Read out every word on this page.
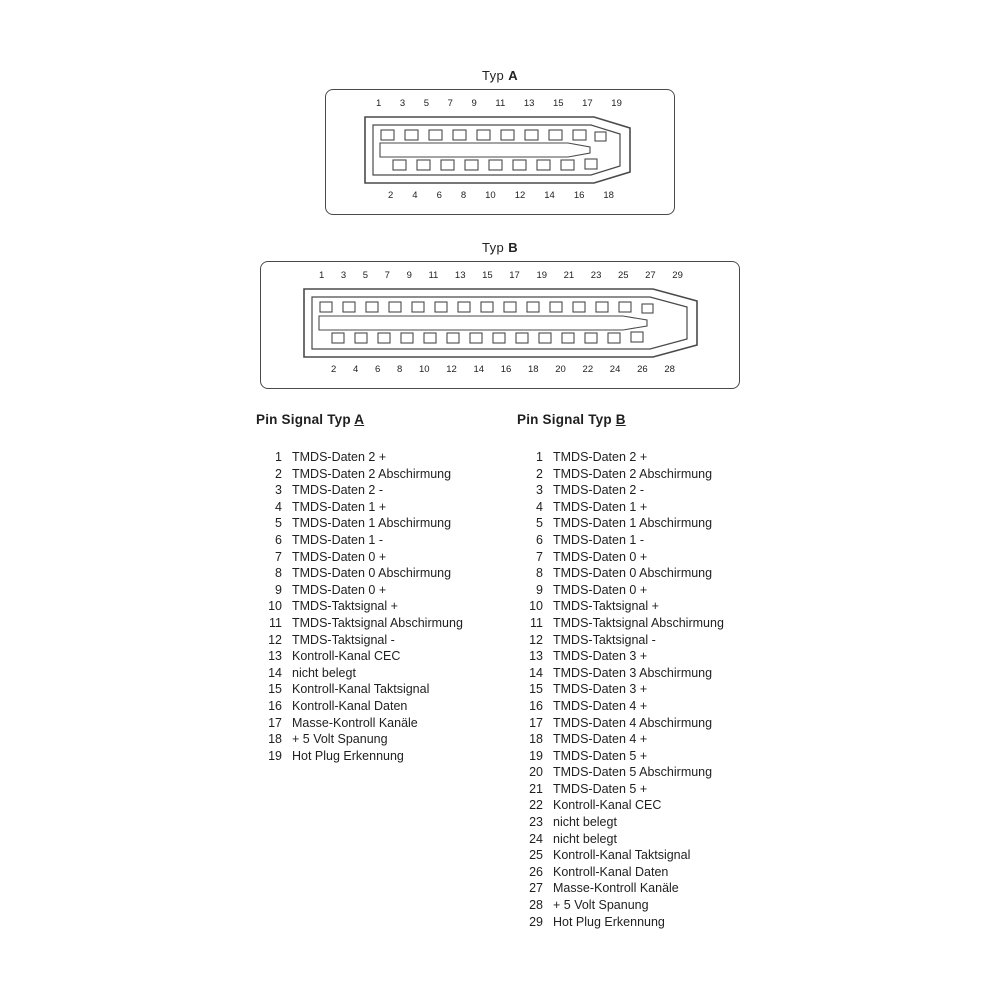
Typ A
1 3 5 7 9 11 13 15 17 19
2 4 6 8 10 12 14 16 18
Typ B
1 3 5 7 9 11 13 15 17 19 21 23 25 27 29
2 4 6 8 10 12 14 16 18 20 22 24 26 28
Pin Signal Typ A
1 TMDS-Daten 2 +
2 TMDS-Daten 2 Abschirmung
3 TMDS-Daten 2 -
4 TMDS-Daten 1 +
5 TMDS-Daten 1 Abschirmung
6 TMDS-Daten 1 -
7 TMDS-Daten 0 +
8 TMDS-Daten 0 Abschirmung
9 TMDS-Daten 0 +
10 TMDS-Taktsignal +
11 TMDS-Taktsignal Abschirmung
12 TMDS-Taktsignal -
13 Kontroll-Kanal CEC
14 nicht belegt
15 Kontroll-Kanal Taktsignal
16 Kontroll-Kanal Daten
17 Masse-Kontroll Kanäle
18 + 5 Volt Spanung
19 Hot Plug Erkennung
Pin Signal Typ B
1 TMDS-Daten 2 +
2 TMDS-Daten 2 Abschirmung
3 TMDS-Daten 2 -
4 TMDS-Daten 1 +
5 TMDS-Daten 1 Abschirmung
6 TMDS-Daten 1 -
7 TMDS-Daten 0 +
8 TMDS-Daten 0 Abschirmung
9 TMDS-Daten 0 +
10 TMDS-Taktsignal +
11 TMDS-Taktsignal Abschirmung
12 TMDS-Taktsignal -
13 TMDS-Daten 3 +
14 TMDS-Daten 3 Abschirmung
15 TMDS-Daten 3 +
16 TMDS-Daten 4 +
17 TMDS-Daten 4 Abschirmung
18 TMDS-Daten 4 +
19 TMDS-Daten 5 +
20 TMDS-Daten 5 Abschirmung
21 TMDS-Daten 5 +
22 Kontroll-Kanal CEC
23 nicht belegt
24 nicht belegt
25 Kontroll-Kanal Taktsignal
26 Kontroll-Kanal Daten
27 Masse-Kontroll Kanäle
28 + 5 Volt Spanung
29 Hot Plug Erkennung
